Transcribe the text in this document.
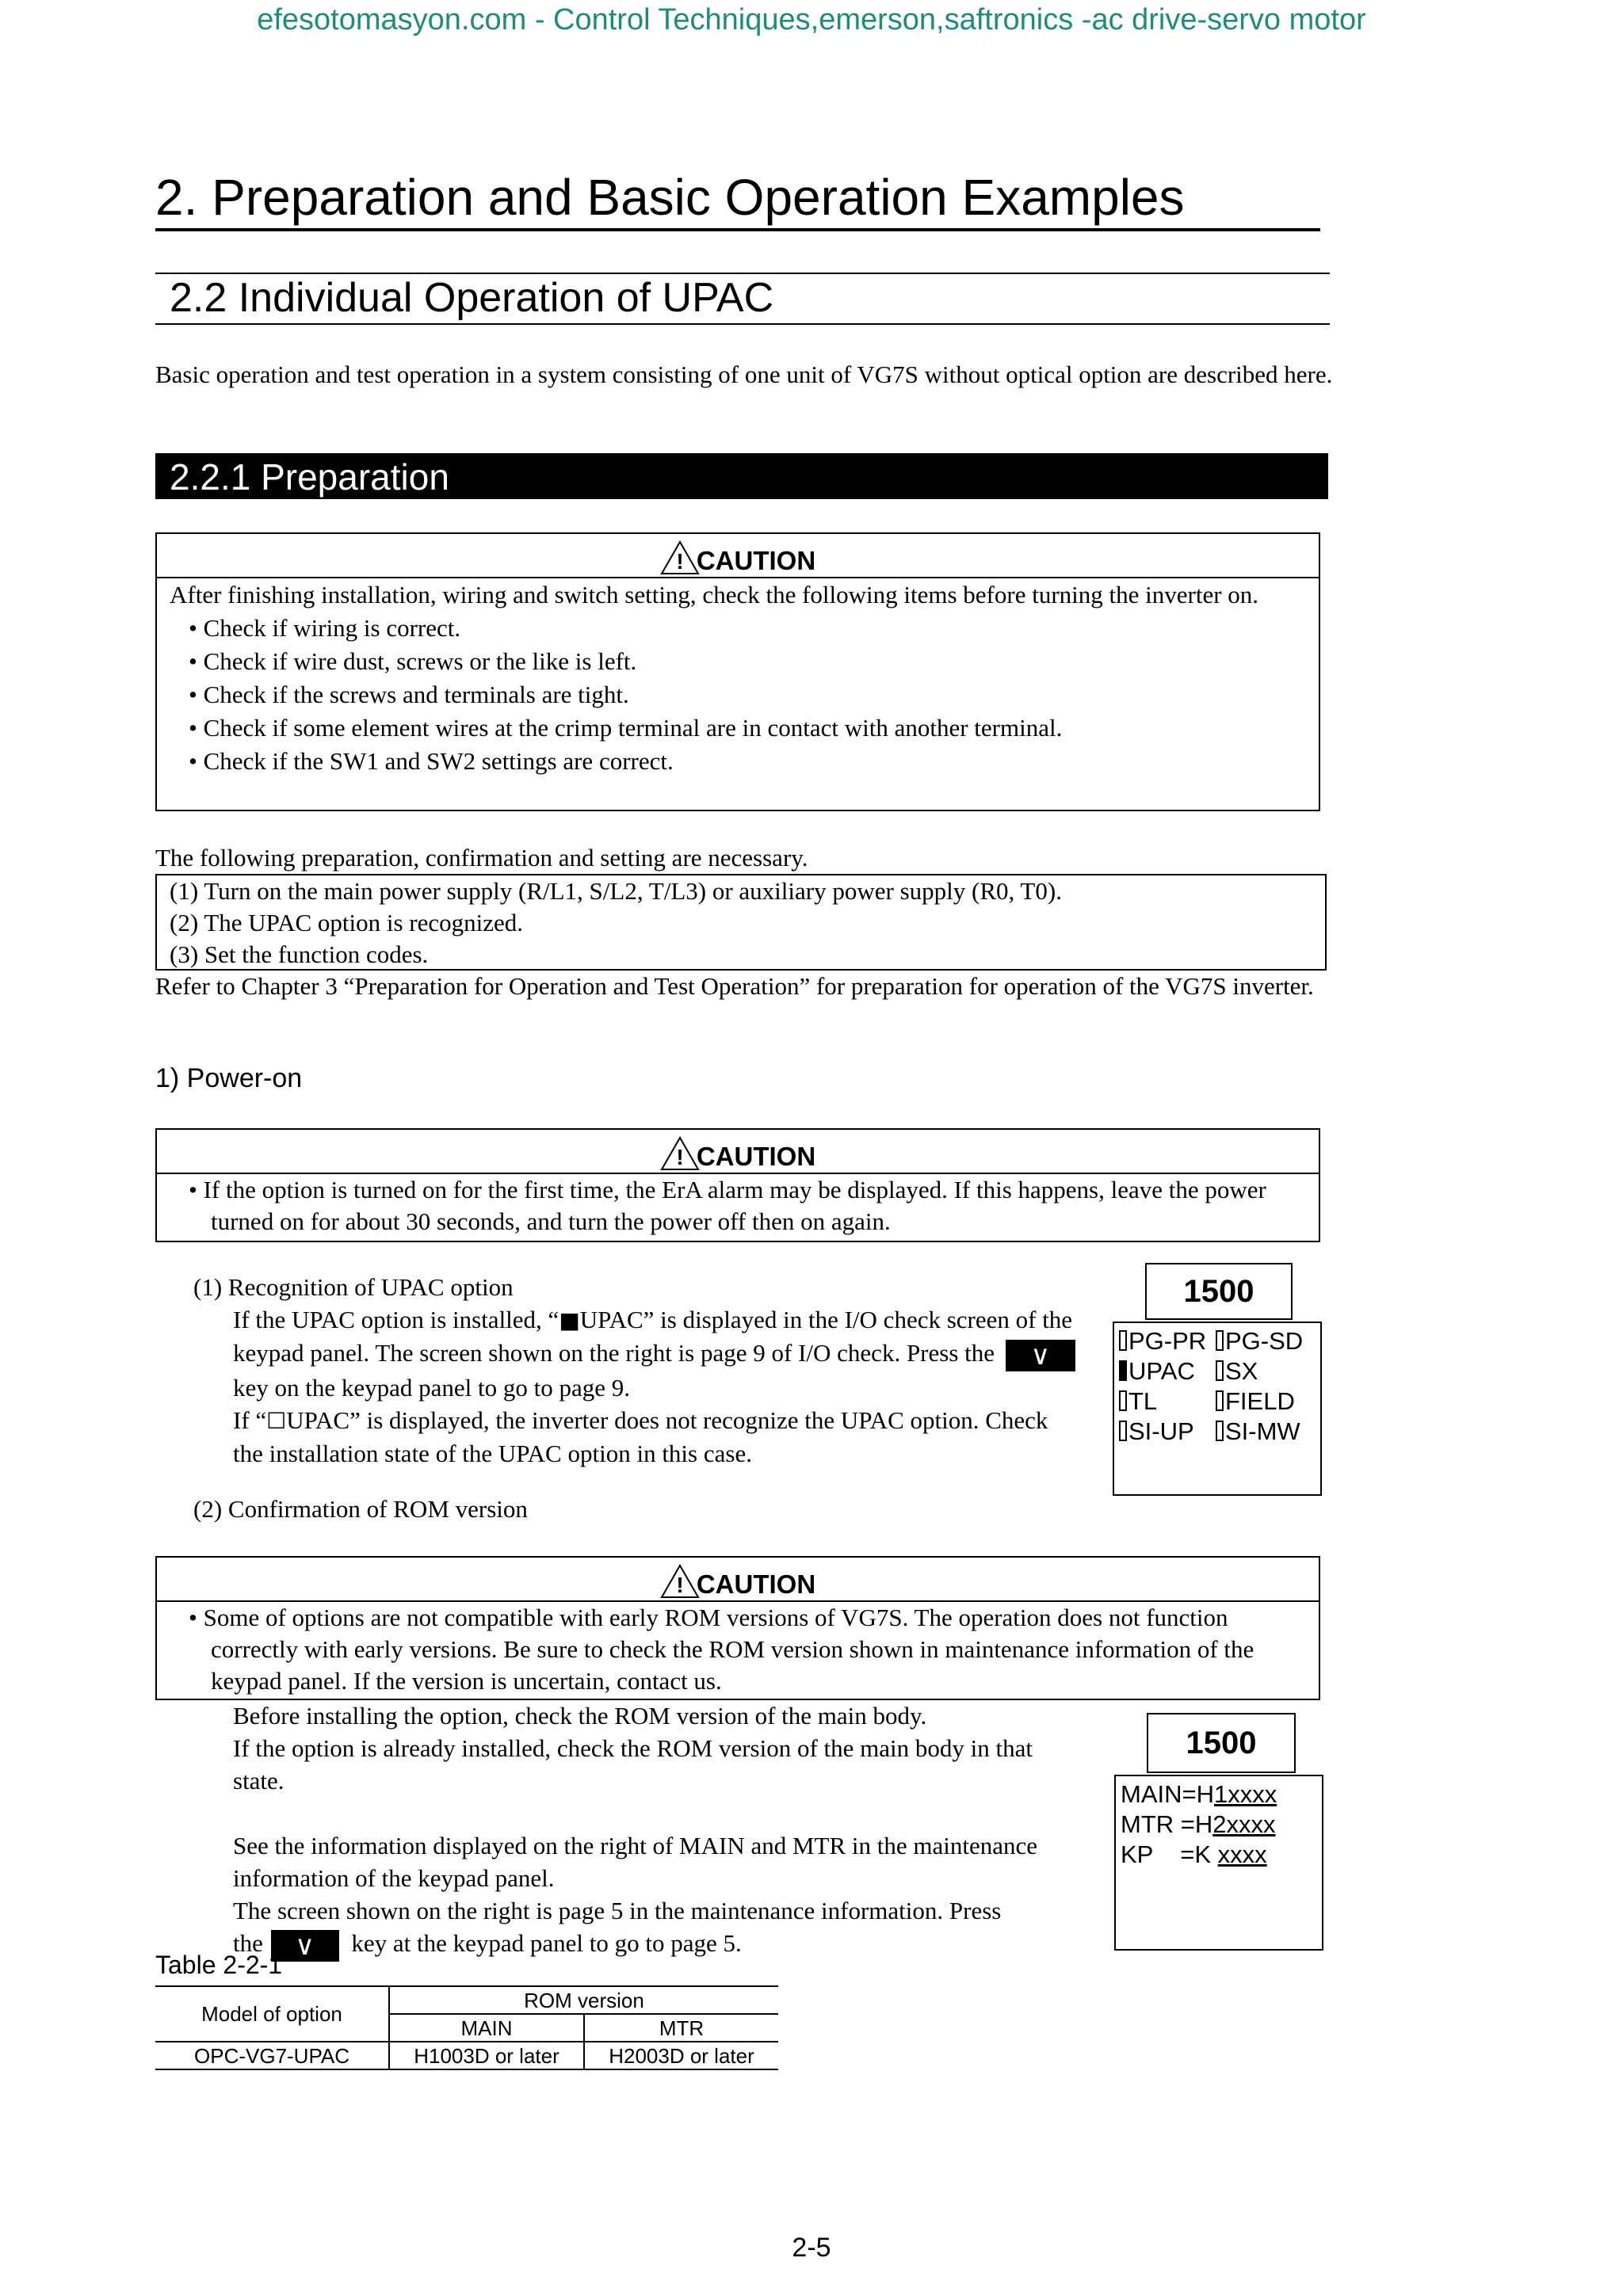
efesotomasyon.com - Control Techniques,emerson,saftronics -ac drive-servo motor
2. Preparation and Basic Operation Examples
2.2 Individual Operation of UPAC
Basic operation and test operation in a system consisting of one unit of VG7S without optical option are described here.
2.2.1 Preparation
! CAUTION
After finishing installation, wiring and switch setting, check the following items before turning the inverter on.
• Check if wiring is correct.
• Check if wire dust, screws or the like is left.
• Check if the screws and terminals are tight.
• Check if some element wires at the crimp terminal are in contact with another terminal.
• Check if the SW1 and SW2 settings are correct.
The following preparation, confirmation and setting are necessary.
(1) Turn on the main power supply (R/L1, S/L2, T/L3) or auxiliary power supply (R0, T0).
(2) The UPAC option is recognized.
(3) Set the function codes.
Refer to Chapter 3 “Preparation for Operation and Test Operation” for preparation for operation of the VG7S inverter.
1) Power-on
! CAUTION
• If the option is turned on for the first time, the ErA alarm may be displayed. If this happens, leave the power turned on for about 30 seconds, and turn the power off then on again.
(1) Recognition of UPAC option
If the UPAC option is installed, “■UPAC” is displayed in the I/O check screen of the keypad panel. The screen shown on the right is page 9 of I/O check. Press the ∨ key on the keypad panel to go to page 9.
If “☐UPAC” is displayed, the inverter does not recognize the UPAC option. Check the installation state of the UPAC option in this case.
1500
PG-PR PG-SD
UPAC	SX
TL	FIELD
SI-UP	SI-MW
(2) Confirmation of ROM version
! CAUTION
• Some of options are not compatible with early ROM versions of VG7S. The operation does not function correctly with early versions. Be sure to check the ROM version shown in maintenance information of the keypad panel. If the version is uncertain, contact us.
Before installing the option, check the ROM version of the main body.
If the option is already installed, check the ROM version of the main body in that state.
See the information displayed on the right of MAIN and MTR in the maintenance information of the keypad panel.
The screen shown on the right is page 5 in the maintenance information. Press
the ∨ key at the keypad panel to go to page 5.
1500
MAIN=H1xxxx
MTR =H2xxxx
KP    =K xxxx
Table 2-2-1
Model of option	ROM version	
	MAIN	MTR
OPC-VG7-UPAC	H1003D or later	H2003D or later
2-5
